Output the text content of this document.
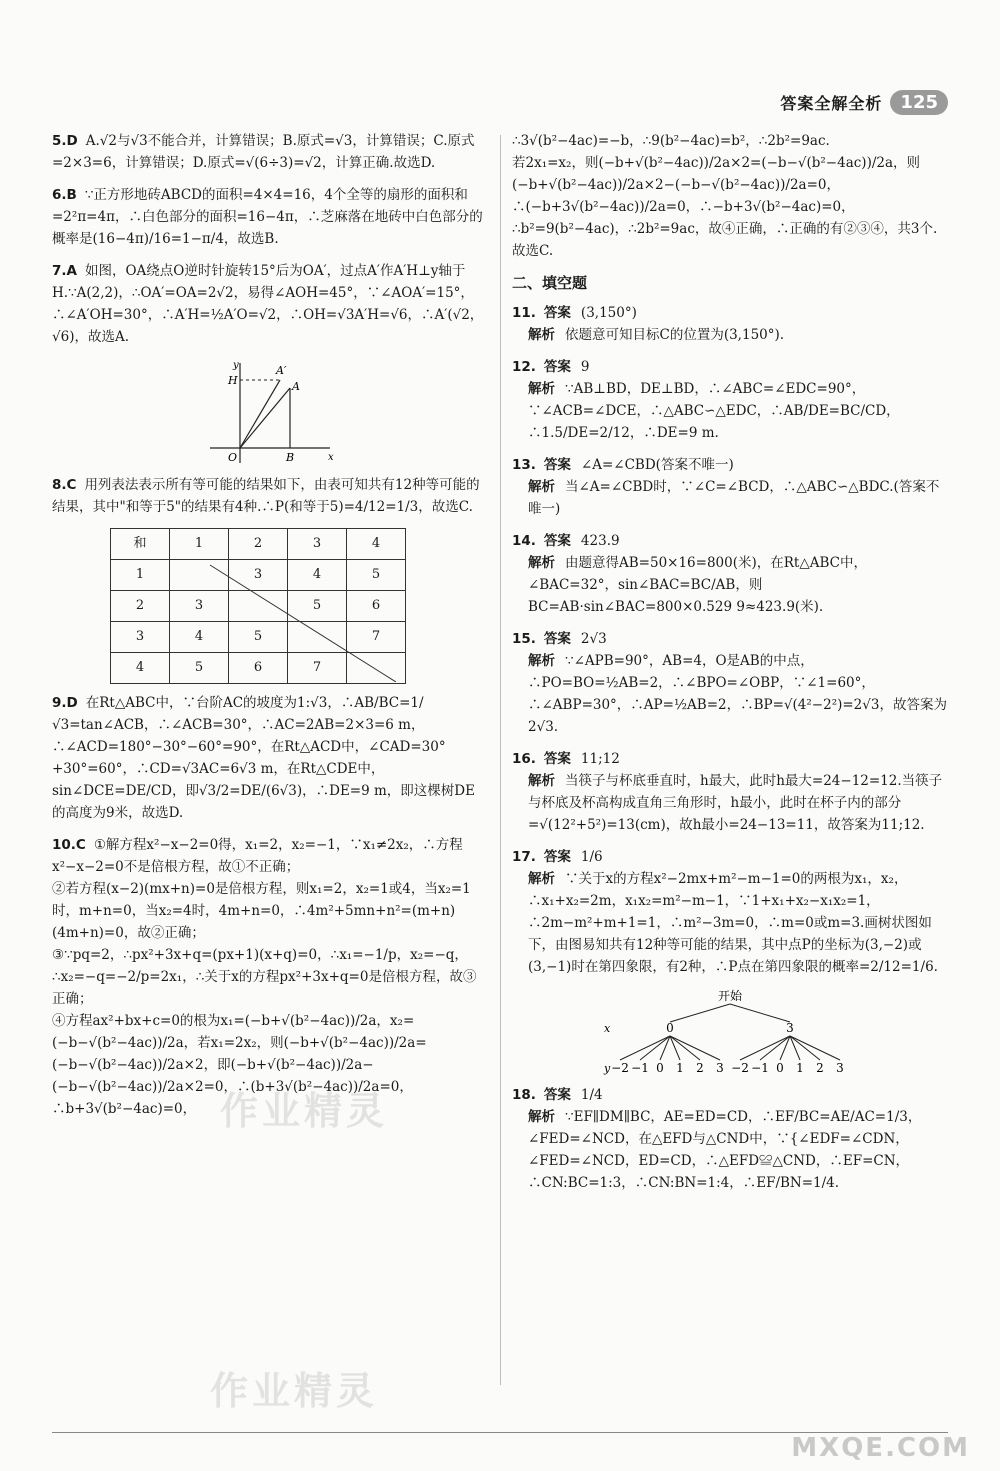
答案全解全析	125
5.D A.√2与√3不能合并，计算错误；B.原式=√3，计算错误；C.原式=2×3=6，计算错误；D.原式=√(6÷3)=√2，计算正确.故选D.
6.B ∵正方形地砖ABCD的面积=4×4=16，4个全等的扇形的面积和=2²π=4π，∴白色部分的面积=16−4π，∴芝麻落在地砖中白色部分的概率是(16−4π)/16=1−π/4，故选B.
7.A 如图，OA绕点O逆时针旋转15°后为OA′，过点A′作A′H⊥y轴于H.∵A(2,2)，∴OA′=OA=2√2，易得∠AOH=45°，∵∠AOA′=15°，∴∠A′OH=30°，∴A′H=½A′O=√2，∴OH=√3A′H=√6，∴A′(√2，√6)，故选A.
y
x
H
O	B
A
A′
8.C 用列表法表示所有等可能的结果如下，由表可知共有12种等可能的结果，其中"和等于5"的结果有4种.∴P(和等于5)=4/12=1/3，故选C.
和	1	2	3	4
1		3	4	5
2	3		5	6
3	4	5		7
4	5	6	7	
9.D 在Rt△ABC中，∵台阶AC的坡度为1:√3，∴AB/BC=1/√3=tan∠ACB，∴∠ACB=30°，∴AC=2AB=2×3=6 m，∴∠ACD=180°−30°−60°=90°，在Rt△ACD中，∠CAD=30°+30°=60°，∴CD=√3AC=6√3 m，在Rt△CDE中，sin∠DCE=DE/CD，即√3/2=DE/(6√3)，∴DE=9 m，即这棵树DE的高度为9米，故选D.
10.C ①解方程x²−x−2=0得，x₁=2，x₂=−1，∵x₁≠2x₂，∴方程x²−x−2=0不是倍根方程，故①不正确；
②若方程(x−2)(mx+n)=0是倍根方程，则x₁=2，x₂=1或4，当x₂=1时，m+n=0，当x₂=4时，4m+n=0，∴4m²+5mn+n²=(m+n)(4m+n)=0，故②正确；
③∵pq=2，∴px²+3x+q=(px+1)(x+q)=0，∴x₁=−1/p，x₂=−q，∴x₂=−q=−2/p=2x₁，∴关于x的方程px²+3x+q=0是倍根方程，故③正确；
④方程ax²+bx+c=0的根为x₁=(−b+√(b²−4ac))/2a，x₂=(−b−√(b²−4ac))/2a，若x₁=2x₂，则(−b+√(b²−4ac))/2a=(−b−√(b²−4ac))/2a×2，即(−b+√(b²−4ac))/2a−(−b−√(b²−4ac))/2a×2=0，∴(b+3√(b²−4ac))/2a=0，∴b+3√(b²−4ac)=0，
∴3√(b²−4ac)=−b，∴9(b²−4ac)=b²，∴2b²=9ac.
若2x₁=x₂，则(−b+√(b²−4ac))/2a×2=(−b−√(b²−4ac))/2a，则(−b+√(b²−4ac))/2a×2−(−b−√(b²−4ac))/2a=0，∴(−b+3√(b²−4ac))/2a=0，∴−b+3√(b²−4ac)=0，
∴b²=9(b²−4ac)，∴2b²=9ac，故④正确，∴正确的有②③④，共3个.故选C.
二、填空题
11. 答案 (3,150°)
解析 依题意可知目标C的位置为(3,150°).
12. 答案 9
解析 ∵AB⊥BD，DE⊥BD，∴∠ABC=∠EDC=90°，∵∠ACB=∠DCE，∴△ABC∽△EDC，∴AB/DE=BC/CD，∴1.5/DE=2/12，∴DE=9 m.
13. 答案 ∠A=∠CBD(答案不唯一)
解析 当∠A=∠CBD时，∵∠C=∠BCD，∴△ABC∽△BDC.(答案不唯一)
14. 答案 423.9
解析 由题意得AB=50×16=800(米)，在Rt△ABC中，∠BAC=32°，sin∠BAC=BC/AB，则BC=AB·sin∠BAC=800×0.529 9≈423.9(米).
15. 答案 2√3
解析 ∵∠APB=90°，AB=4，O是AB的中点，∴PO=BO=½AB=2，∴∠BPO=∠OBP，∵∠1=60°，∴∠ABP=30°，∴AP=½AB=2，∴BP=√(4²−2²)=2√3，故答案为2√3.
16. 答案 11;12
解析 当筷子与杯底垂直时，h最大，此时h最大=24−12=12.当筷子与杯底及杯高构成直角三角形时，h最小，此时在杯子内的部分=√(12²+5²)=13(cm)，故h最小=24−13=11，故答案为11;12.
17. 答案 1/6
解析 ∵关于x的方程x²−2mx+m²−m−1=0的两根为x₁，x₂，∴x₁+x₂=2m，x₁x₂=m²−m−1，∵1+x₁+x₂−x₁x₂=1，∴2m−m²+m+1=1，∴m²−3m=0，∴m=0或m=3.画树状图如下，由图易知共有12种等可能的结果，其中点P的坐标为(3,−2)或(3,−1)时在第四象限，有2种，∴P点在第四象限的概率=2/12=1/6.
开始
x
y
0	3
−2 −1 0 1 2 3 −2 −1 0 1 2 3
18. 答案 1/4
解析 ∵EF∥DM∥BC，AE=ED=CD，∴EF/BC=AE/AC=1/3，∠FED=∠NCD，在△EFD与△CND中，∵{∠EDF=∠CDN，∠FED=∠NCD，ED=CD，∴△EFD≌△CND，∴EF=CN，∴CN:BC=1:3，∴CN:BN=1:4，∴EF/BN=1/4.
作业精灵
作业精灵
MXQE.COM
